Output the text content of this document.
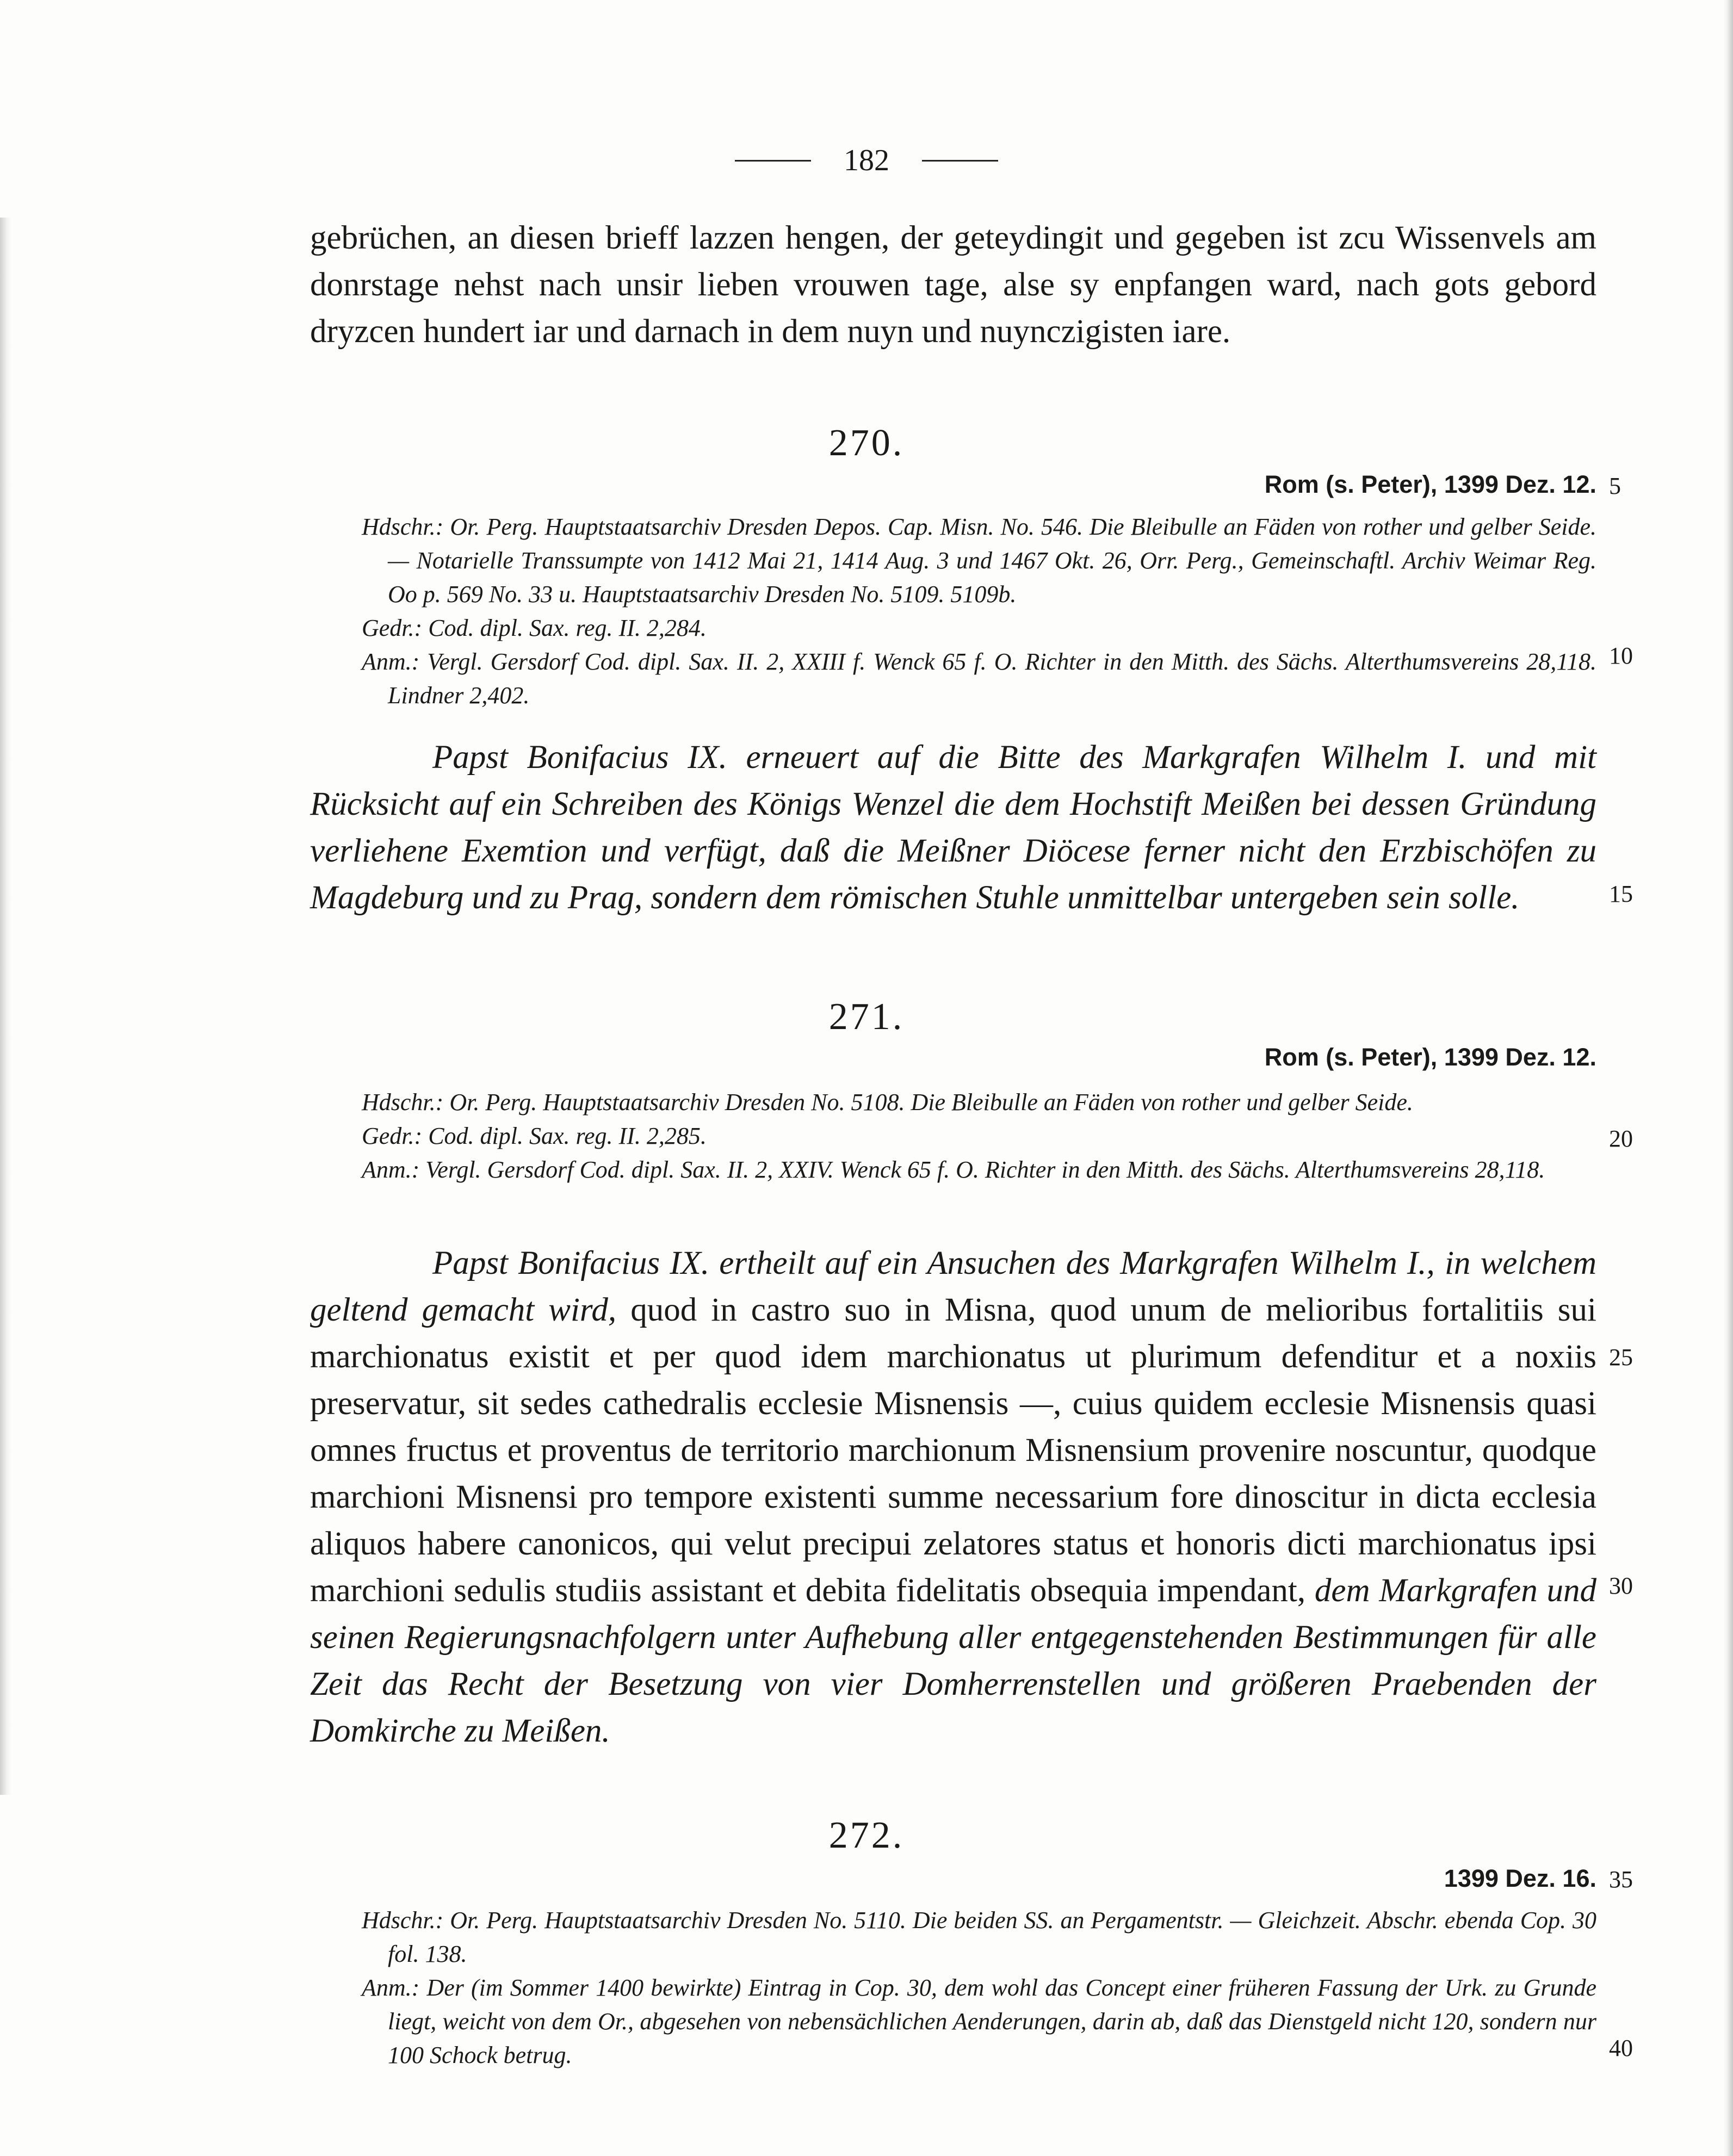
182

gebrüchen, an diesen brieff lazzen hengen, der geteydingit und gegeben ist zcu Wissenvels am donrstage nehst nach unsir lieben vrouwen tage, alse sy enpfangen ward, nach gots gebord dryzcen hundert iar und darnach in dem nuyn und nuynczigisten iare.

270.
Rom (s. Peter), 1399 Dez. 12.

Hdschr.: Or. Perg. Hauptstaatsarchiv Dresden Depos. Cap. Misn. No. 546. Die Bleibulle an Fäden von rother und gelber Seide. — Notarielle Transsumpte von 1412 Mai 21, 1414 Aug. 3 und 1467 Okt. 26, Orr. Perg., Gemeinschaftl. Archiv Weimar Reg. Oo p. 569 No. 33 u. Hauptstaatsarchiv Dresden No. 5109. 5109b.

Gedr.: Cod. dipl. Sax. reg. II. 2,284.

Anm.: Vergl. Gersdorf Cod. dipl. Sax. II. 2, XXIII f. Wenck 65 f. O. Richter in den Mitth. des Sächs. Alterthumsvereins 28,118. Lindner 2,402.

Papst Bonifacius IX. erneuert auf die Bitte des Markgrafen Wilhelm I. und mit Rücksicht auf ein Schreiben des Königs Wenzel die dem Hochstift Meißen bei dessen Gründung verliehene Exemtion und verfügt, daß die Meißner Diöcese ferner nicht den Erzbischöfen zu Magdeburg und zu Prag, sondern dem römischen Stuhle unmittelbar untergeben sein solle.

271.
Rom (s. Peter), 1399 Dez. 12.

Hdschr.: Or. Perg. Hauptstaatsarchiv Dresden No. 5108. Die Bleibulle an Fäden von rother und gelber Seide.

Gedr.: Cod. dipl. Sax. reg. II. 2,285.

Anm.: Vergl. Gersdorf Cod. dipl. Sax. II. 2, XXIV. Wenck 65 f. O. Richter in den Mitth. des Sächs. Alterthumsvereins 28,118.

Papst Bonifacius IX. ertheilt auf ein Ansuchen des Markgrafen Wilhelm I., in welchem geltend gemacht wird, quod in castro suo in Misna, quod unum de melioribus fortalitiis sui marchionatus existit et per quod idem marchionatus ut plurimum defenditur et a noxiis preservatur, sit sedes cathedralis ecclesie Misnensis —, cuius quidem ecclesie Misnensis quasi omnes fructus et proventus de territorio marchionum Misnensium provenire noscuntur, quodque marchioni Misnensi pro tempore existenti summe necessarium fore dinoscitur in dicta ecclesia aliquos habere canonicos, qui velut precipui zelatores status et honoris dicti marchionatus ipsi marchioni sedulis studiis assistant et debita fidelitatis obsequia impendant, dem Markgrafen und seinen Regierungsnachfolgern unter Aufhebung aller entgegenstehenden Bestimmungen für alle Zeit das Recht der Besetzung von vier Domherrenstellen und größeren Praebenden der Domkirche zu Meißen.

272.
1399 Dez. 16.

Hdschr.: Or. Perg. Hauptstaatsarchiv Dresden No. 5110. Die beiden SS. an Pergamentstr. — Gleichzeit. Abschr. ebenda Cop. 30 fol. 138.

Anm.: Der (im Sommer 1400 bewirkte) Eintrag in Cop. 30, dem wohl das Concept einer früheren Fassung der Urk. zu Grunde liegt, weicht von dem Or., abgesehen von nebensächlichen Aenderungen, darin ab, daß das Dienstgeld nicht 120, sondern nur 100 Schock betrug.

5
10
15
20
25
30
35
40
